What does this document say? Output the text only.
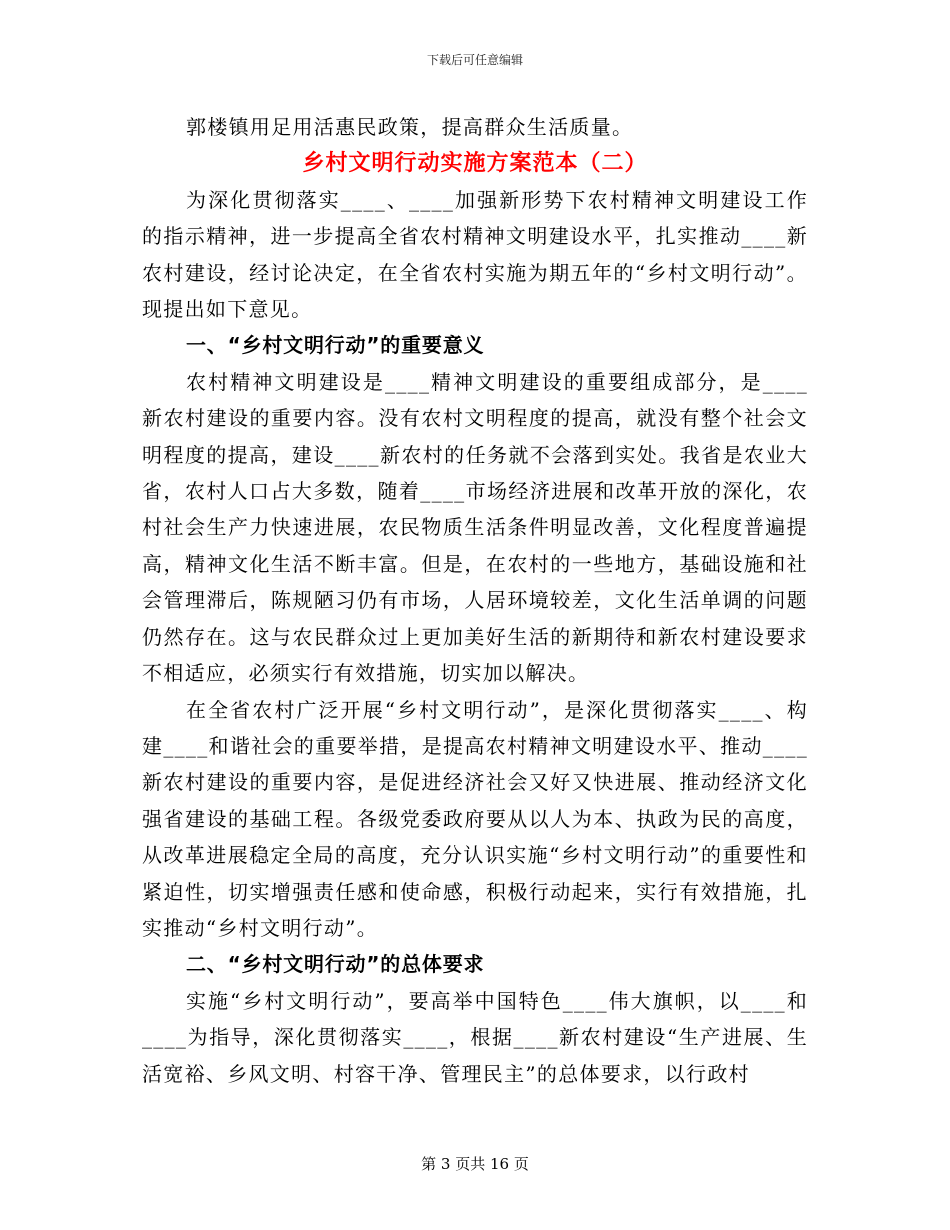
下载后可任意编辑

郭楼镇用足用活惠民政策，提高群众生活质量。

乡村文明行动实施方案范本（二）

为深化贯彻落实____、____加强新形势下农村精神文明建设工作的指示精神，进一步提高全省农村精神文明建设水平，扎实推动____新农村建设，经讨论决定，在全省农村实施为期五年的“乡村文明行动”。现提出如下意见。

一、“乡村文明行动”的重要意义

农村精神文明建设是____精神文明建设的重要组成部分，是____新农村建设的重要内容。没有农村文明程度的提高，就没有整个社会文明程度的提高，建设____新农村的任务就不会落到实处。我省是农业大省，农村人口占大多数，随着____市场经济进展和改革开放的深化，农村社会生产力快速进展，农民物质生活条件明显改善，文化程度普遍提高，精神文化生活不断丰富。但是，在农村的一些地方，基础设施和社会管理滞后，陈规陋习仍有市场，人居环境较差，文化生活单调的问题仍然存在。这与农民群众过上更加美好生活的新期待和新农村建设要求不相适应，必须实行有效措施，切实加以解决。

在全省农村广泛开展“乡村文明行动”，是深化贯彻落实____、构建____和谐社会的重要举措，是提高农村精神文明建设水平、推动____新农村建设的重要内容，是促进经济社会又好又快进展、推动经济文化强省建设的基础工程。各级党委政府要从以人为本、执政为民的高度，从改革进展稳定全局的高度，充分认识实施“乡村文明行动”的重要性和紧迫性，切实增强责任感和使命感，积极行动起来，实行有效措施，扎实推动“乡村文明行动”。

二、“乡村文明行动”的总体要求

实施“乡村文明行动”，要高举中国特色____伟大旗帜，以____和____为指导，深化贯彻落实____，根据____新农村建设“生产进展、生活宽裕、乡风文明、村容干净、管理民主”的总体要求，以行政村

第 3 页共 16 页
